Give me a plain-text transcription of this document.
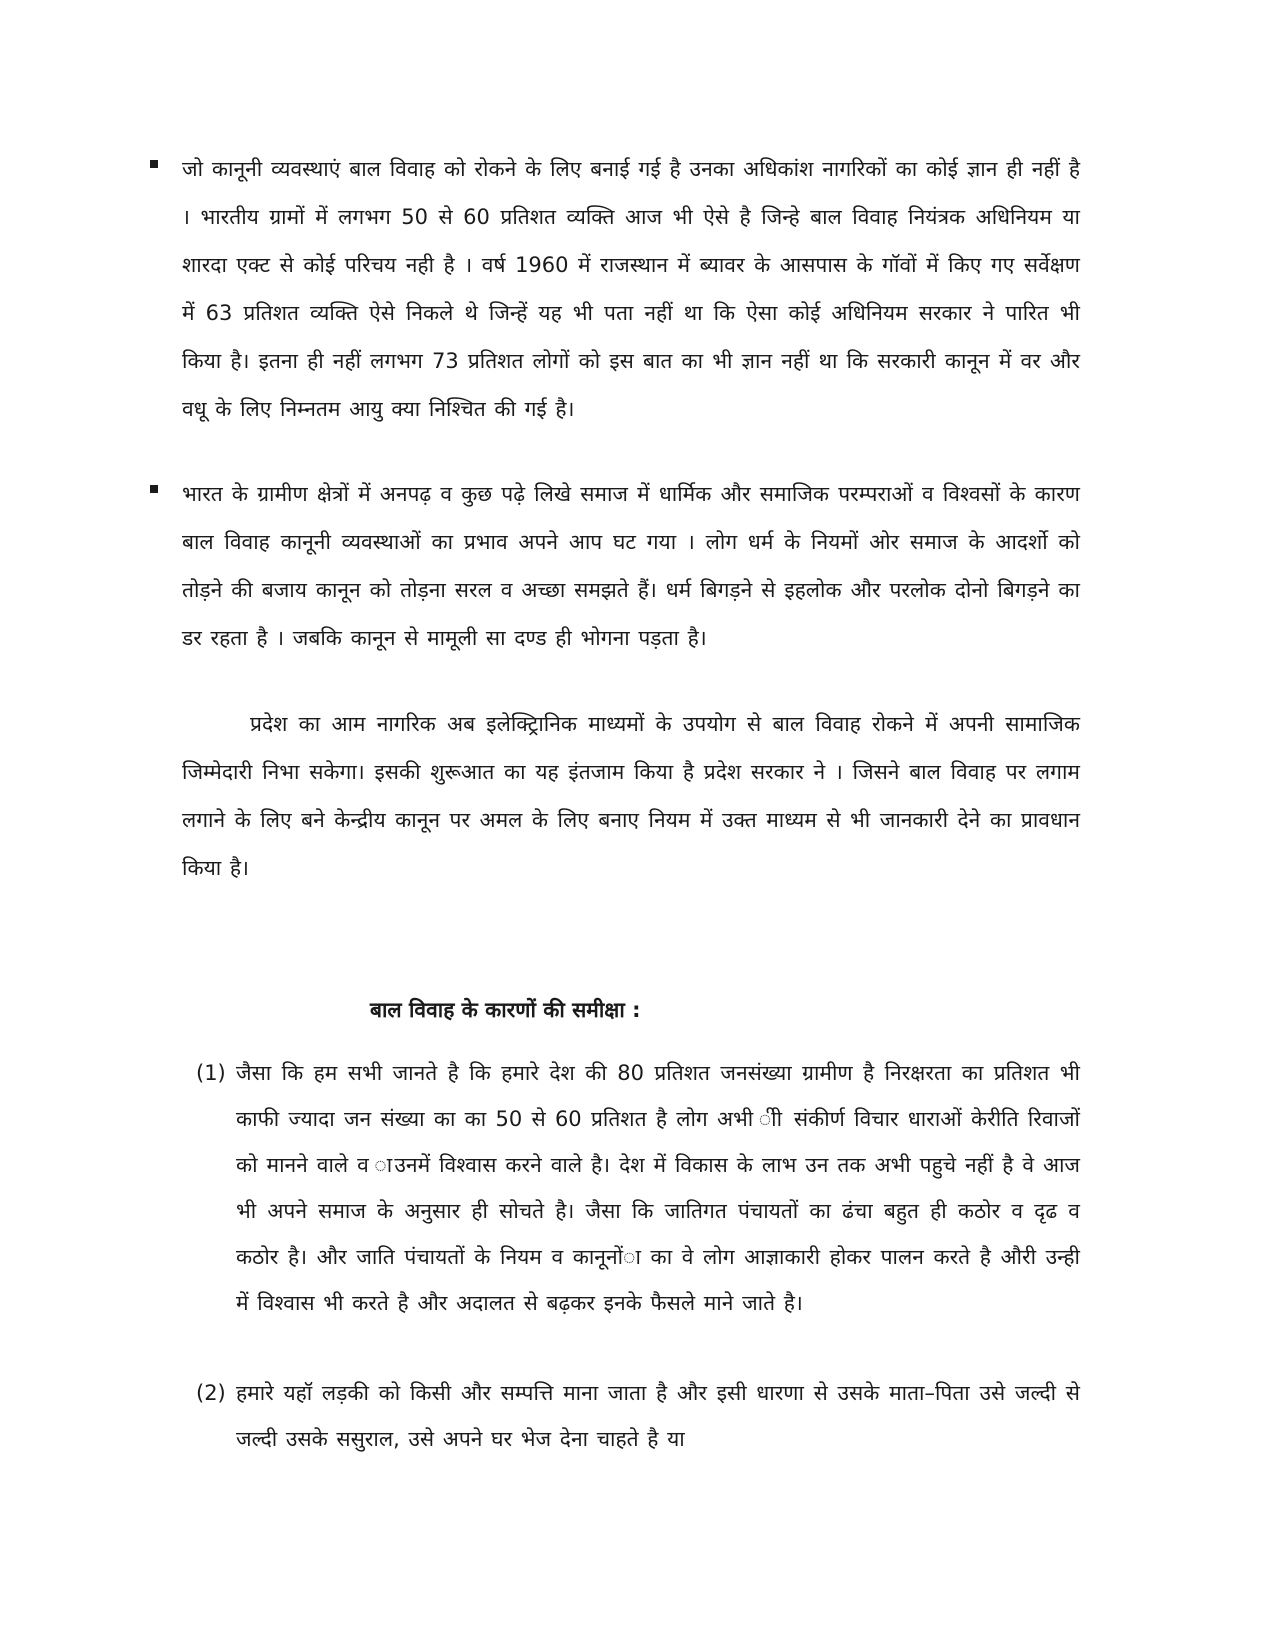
जो कानूनी व्यवस्थाएं बाल विवाह को रोकने के लिए बनाई गई है उनका अधिकांश नागरिकों का कोई ज्ञान ही नहीं है । भारतीय ग्रामों में लगभग 50 से 60 प्रतिशत व्यक्ति आज भी ऐसे है जिन्हे बाल विवाह नियंत्रक अधिनियम या शारदा एक्ट से कोई परिचय नही है । वर्ष 1960 में राजस्थान में ब्यावर के आसपास के गॉवों में किए गए सर्वेक्षण में 63 प्रतिशत व्यक्ति ऐसे निकले थे जिन्हें यह भी पता नहीं था कि ऐसा कोई अधिनियम सरकार ने पारित भी किया है। इतना ही नहीं लगभग 73 प्रतिशत लोगों को इस बात का भी ज्ञान नहीं था कि सरकारी कानून में वर और वधू के लिए निम्नतम आयु क्या निश्चित की गई है।

भारत के ग्रामीण क्षेत्रों में अनपढ़ व कुछ पढ़े लिखे समाज में धार्मिक और समाजिक परम्पराओं व विश्वसों के कारण बाल विवाह कानूनी व्यवस्थाओं का प्रभाव अपने आप घट गया । लोग धर्म के नियमों ओर समाज के आदर्शो को तोड़ने की बजाय कानून को तोड़ना सरल व अच्छा समझते हैं। धर्म बिगड़ने से इहलोक और परलोक दोनो बिगड़ने का डर रहता है । जबकि कानून से मामूली सा दण्ड ही भोगना पड़ता है।

प्रदेश का आम नागरिक अब इलेक्ट्रिानिक माध्यमों के उपयोग से बाल विवाह रोकने में अपनी सामाजिक जिम्मेदारी निभा सकेगा। इसकी शुरूआत का यह इंतजाम किया है प्रदेश सरकार ने । जिसने बाल विवाह पर लगाम लगाने के लिए बने केन्द्रीय कानून पर अमल के लिए बनाए नियम में उक्त माध्यम से भी जानकारी देने का प्रावधान किया है।

बाल विवाह के कारणों की समीक्षा :
(1) जैसा कि हम सभी जानते है कि हमारे देश की 80 प्रतिशत जनसंख्या ग्रामीण है निरक्षरता का प्रतिशत भी काफी ज्यादा जन संख्या का का 50 से 60 प्रतिशत है लोग अभी ीी संकीर्ण विचार धाराओं केरीति रिवाजों को मानने वाले व ाउनमें विश्वास करने वाले है। देश में विकास के लाभ उन तक अभी पहुचे नहीं है वे आज भी अपने समाज के अनुसार ही सोचते है। जैसा कि जातिगत पंचायतों का ढंचा बहुत ही कठोर व दृढ व कठोर है। और जाति पंचायतों के नियम व कानूनोंा का वे लोग आज्ञाकारी होकर पालन करते है औरी उन्ही में विश्वास भी करते है और अदालत से बढ़कर इनके फैसले माने जाते है।

(2) हमारे यहॉ लड़की को किसी और सम्पत्ति माना जाता है और इसी धारणा से उसके माता–पिता उसे जल्दी से जल्दी उसके ससुराल, उसे अपने घर भेज देना चाहते है या
